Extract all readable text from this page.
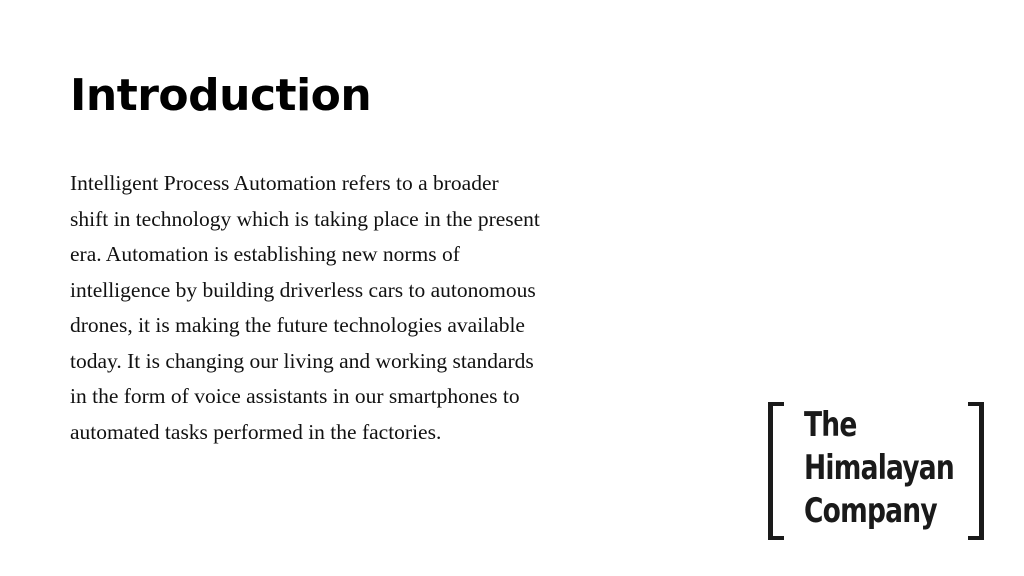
Introduction

Intelligent Process Automation refers to a broader
shift in technology which is taking place in the present
era. Automation is establishing new norms of
intelligence by building driverless cars to autonomous
drones, it is making the future technologies available
today. It is changing our living and working standards
in the form of voice assistants in our smartphones to
automated tasks performed in the factories.	The
Himalayan
Company
